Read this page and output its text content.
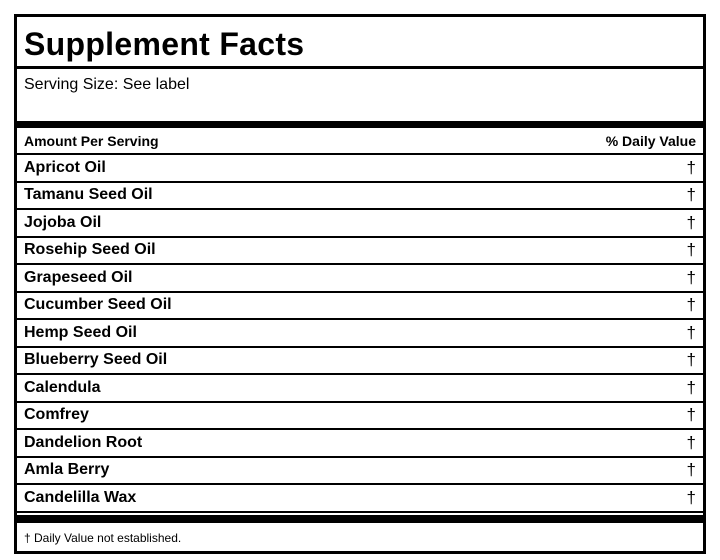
Supplement Facts
Serving Size: See label
Amount Per Serving	% Daily Value
Apricot Oil	†
Tamanu Seed Oil	†
Jojoba Oil	†
Rosehip Seed Oil	†
Grapeseed Oil	†
Cucumber Seed Oil	†
Hemp Seed Oil	†
Blueberry Seed Oil	†
Calendula	†
Comfrey	†
Dandelion Root	†
Amla Berry	†
Candelilla Wax	†
† Daily Value not established.
